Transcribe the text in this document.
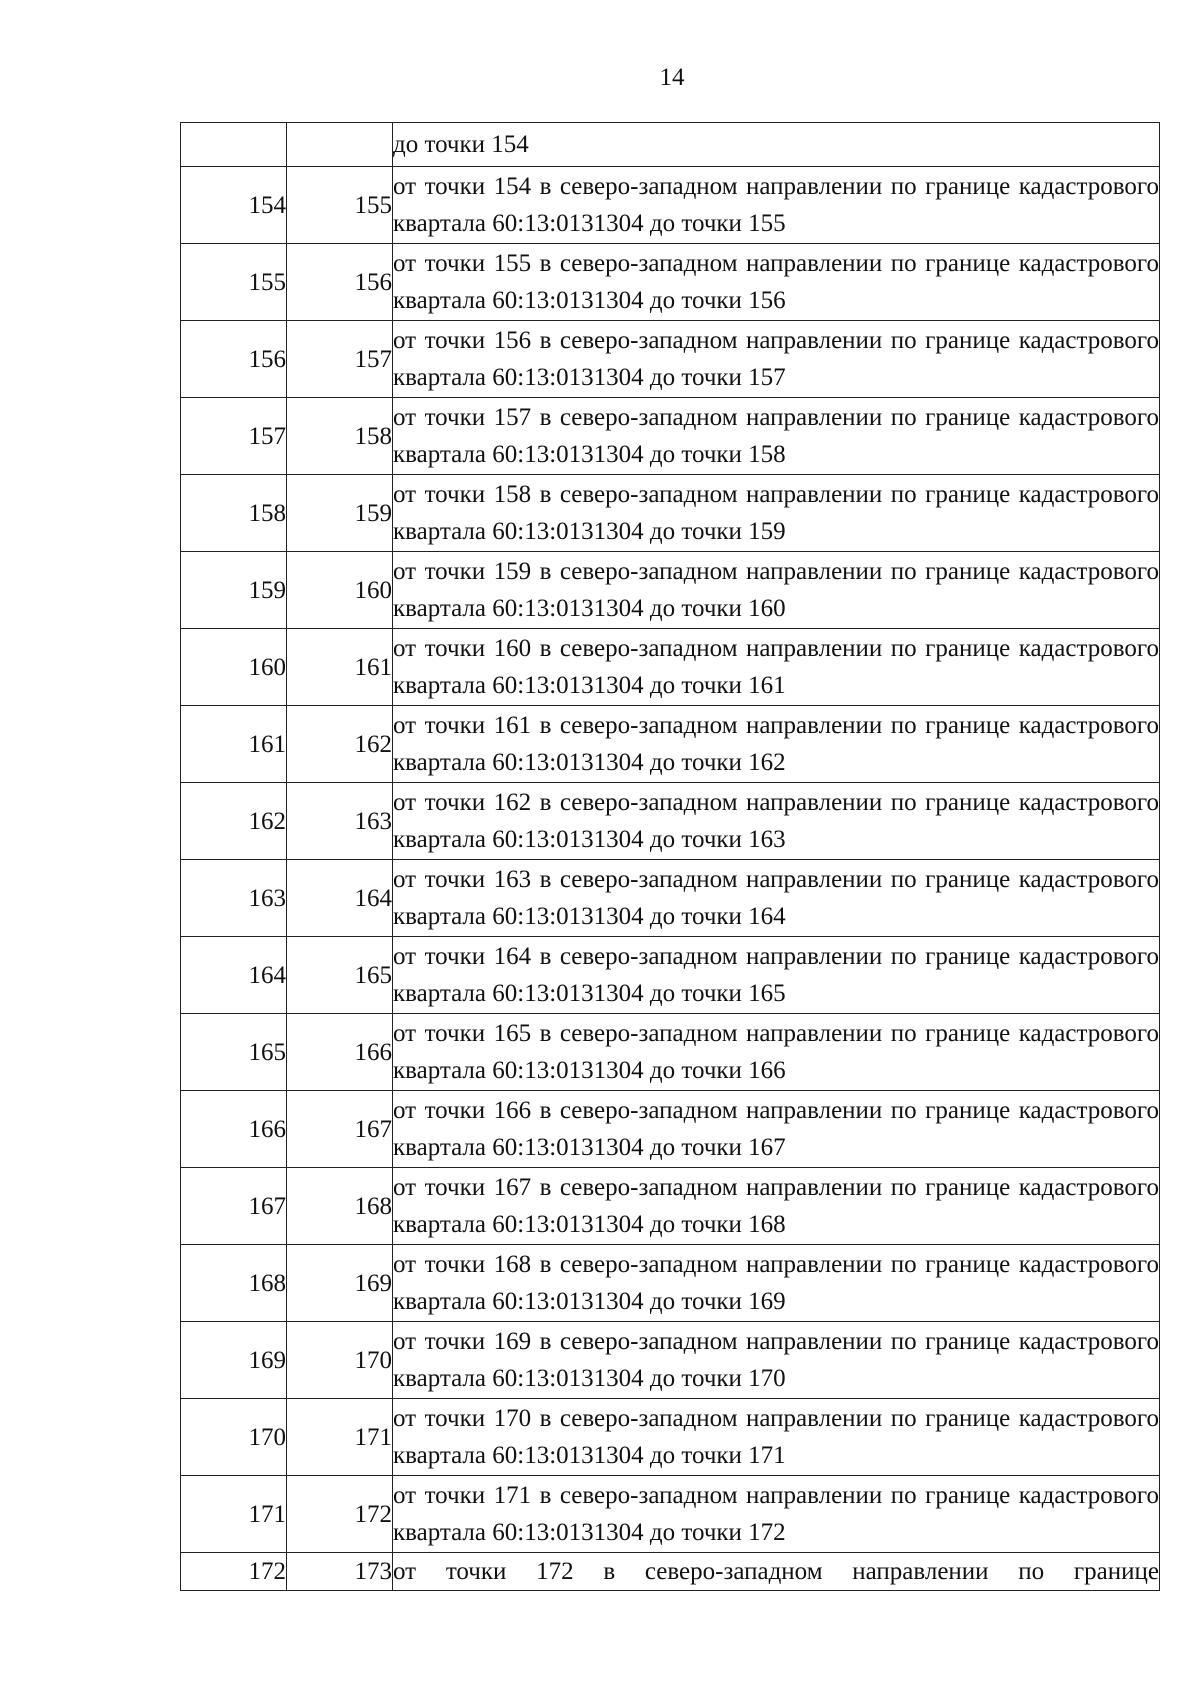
14
		до точки 154
154	155	от точки 154 в северо-западном направлении по границе кадастрового квартала 60:13:0131304 до точки 155
155	156	от точки 155 в северо-западном направлении по границе кадастрового квартала 60:13:0131304 до точки 156
156	157	от точки 156 в северо-западном направлении по границе кадастрового квартала 60:13:0131304 до точки 157
157	158	от точки 157 в северо-западном направлении по границе кадастрового квартала 60:13:0131304 до точки 158
158	159	от точки 158 в северо-западном направлении по границе кадастрового квартала 60:13:0131304 до точки 159
159	160	от точки 159 в северо-западном направлении по границе кадастрового квартала 60:13:0131304 до точки 160
160	161	от точки 160 в северо-западном направлении по границе кадастрового квартала 60:13:0131304 до точки 161
161	162	от точки 161 в северо-западном направлении по границе кадастрового квартала 60:13:0131304 до точки 162
162	163	от точки 162 в северо-западном направлении по границе кадастрового квартала 60:13:0131304 до точки 163
163	164	от точки 163 в северо-западном направлении по границе кадастрового квартала 60:13:0131304 до точки 164
164	165	от точки 164 в северо-западном направлении по границе кадастрового квартала 60:13:0131304 до точки 165
165	166	от точки 165 в северо-западном направлении по границе кадастрового квартала 60:13:0131304 до точки 166
166	167	от точки 166 в северо-западном направлении по границе кадастрового квартала 60:13:0131304 до точки 167
167	168	от точки 167 в северо-западном направлении по границе кадастрового квартала 60:13:0131304 до точки 168
168	169	от точки 168 в северо-западном направлении по границе кадастрового квартала 60:13:0131304 до точки 169
169	170	от точки 169 в северо-западном направлении по границе кадастрового квартала 60:13:0131304 до точки 170
170	171	от точки 170 в северо-западном направлении по границе кадастрового квартала 60:13:0131304 до точки 171
171	172	от точки 171 в северо-западном направлении по границе кадастрового квартала 60:13:0131304 до точки 172
172	173	от точки 172 в северо-западном направлении по границе
